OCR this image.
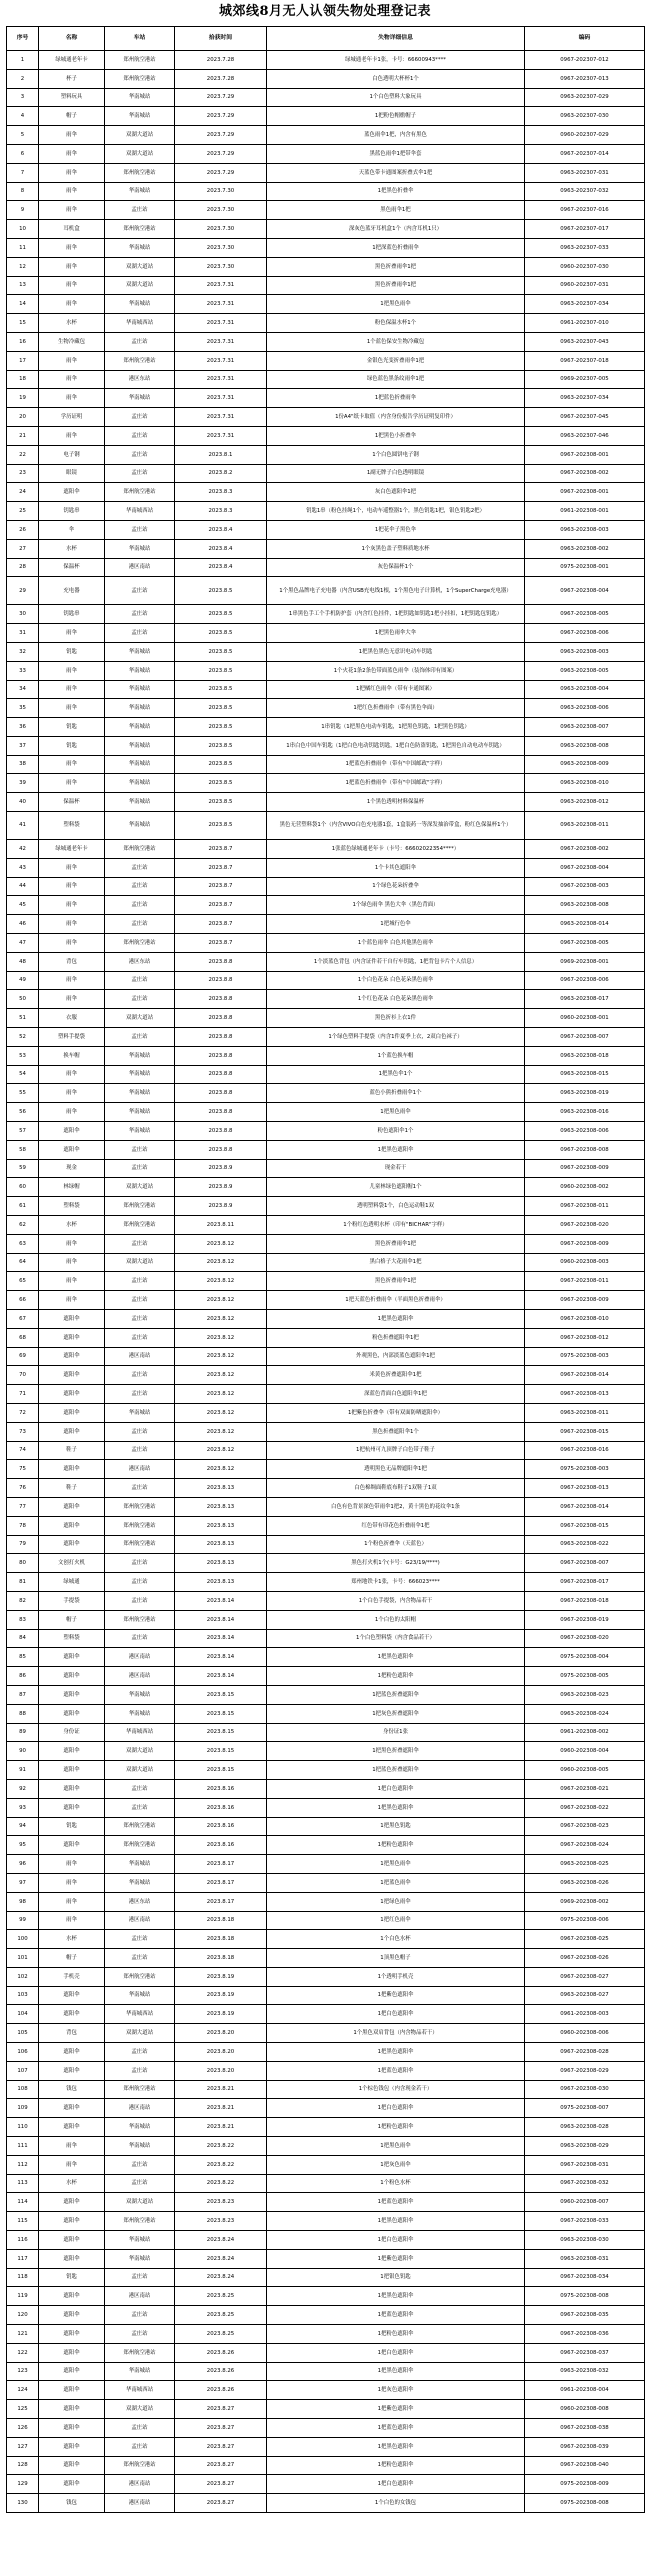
城郊线8月无人认领失物处理登记表
序号	名称	车站	拾获时间	失物详细信息	编码
1	绿城通老年卡	郑州航空港站	2023.7.28	绿城通老年卡1张，卡号：66600943****	0967-202307-012
2	杯子	郑州航空港站	2023.7.28	白色透明大杯杯1个	0967-202307-013
3	塑料玩具	华南城站	2023.7.29	1个白色塑料大象玩具	0963-202307-029
4	帽子	华南城站	2023.7.29	1把粉色帽檐帽子	0963-202307-030
5	雨伞	双湖大道站	2023.7.29	蓝色雨伞1把，内含有黑色	0960-202307-029
6	雨伞	双湖大道站	2023.7.29	黑蓝色雨伞1把带伞套	0967-202307-014
7	雨伞	郑州航空港站	2023.7.29	天蓝色带卡通图案折叠式伞1把	0963-202307-031
8	雨伞	华南城站	2023.7.30	1把黑色折叠伞	0963-202307-032
9	雨伞	孟庄站	2023.7.30	黑色雨伞1把	0967-202307-016
10	耳机盒	郑州航空港站	2023.7.30	深灰色蓝牙耳机盒1个（内含耳机1只）	0967-202307-017
11	雨伞	华南城站	2023.7.30	1把深蓝色折叠雨伞	0963-202307-033
12	雨伞	双湖大道站	2023.7.30	黑色折叠雨伞1把	0960-202307-030
13	雨伞	双湖大道站	2023.7.31	黑色折叠雨伞1把	0960-202307-031
14	雨伞	华南城站	2023.7.31	1把黑色雨伞	0963-202307-034
15	水杯	华南城西站	2023.7.31	粉色保温水杯1个	0961-202307-010
16	生物冷藏包	孟庄站	2023.7.31	1个蓝色保安生物冷藏包	0963-202307-043
17	雨伞	郑州航空港站	2023.7.31	金银色光变折叠雨伞1把	0967-202307-018
18	雨伞	港区东站	2023.7.31	绿色蓝色黑条纹雨伞1把	0969-202307-005
19	雨伞	华南城站	2023.7.31	1把蓝色折叠雨伞	0963-202307-034
20	学历证明	孟庄站	2023.7.31	1份A4"纸卡取值（内含身份报告学历证明复印件）	0967-202307-045
21	雨伞	孟庄站	2023.7.31	1把黑色小折叠伞	0963-202307-046
22	电子钢	孟庄站	2023.8.1	1个白色圆饼电子钢	0967-202308-001
23	眼镜	孟庄站	2023.8.2	1副无牌子白色透明眼镜	0967-202308-002
24	遮阳伞	郑州航空港站	2023.8.3	灰白色遮阳伞1把	0967-202308-001
25	钥匙串	华南城西站	2023.8.3	钥匙1串（粉色挂绳1个，电动车遥整器1个，黑色钥匙1把，银色钥匙2把）	0961-202308-001
26	伞	孟庄站	2023.8.4	1把花伞子黑色伞	0963-202308-003
27	水杯	华南城站	2023.8.4	1个灰黑色盖子塑料质地水杯	0963-202308-002
28	保温杯	港区南站	2023.8.4	灰色保温杯1个	0975-202308-001
29	充电器	孟庄站	2023.8.5	1个黑色品牌电子充电器（内含USB充电线1根，1个黑色电子计算机，1个SuperCharge充电器）	0967-202308-004
30	钥匙串	孟庄站	2023.8.5	1串黑色手工个手机防护套（内含红色挂件，1把钥匙如钥匙1把小挂扣，1把钥匙包钥匙）	0967-202308-005
31	雨伞	孟庄站	2023.8.5	1把黑色雨伞大伞	0967-202308-006
32	钥匙	华南城站	2023.8.5	1把黑色黑色无意识电动车钥匙	0963-202308-003
33	雨伞	华南城站	2023.8.5	1个火花1条2条色带面蓝色雨伞（装饰体印有图案）	0963-202308-005
34	雨伞	华南城站	2023.8.5	1把橘红色雨伞（带有卡通图案）	0963-202308-004
35	雨伞	华南城站	2023.8.5	1把红色折叠雨伞（带有黑色伞面）	0963-202308-006
36	钥匙	华南城站	2023.8.5	1串钥匙（1把黑色电动车钥匙，1把黑色钥匙，1把黑色钥匙）	0963-202308-007
37	钥匙	华南城站	2023.8.5	1串白色中国车钥匙（1把白色电动钥匙钥匙，1把白色防盗钥匙，1把黑色自动电动车钥匙）	0963-202308-008
38	雨伞	华南城站	2023.8.5	1把蓝色折叠雨伞（带有"中国邮政"字样）	0963-202308-009
39	雨伞	华南城站	2023.8.5	1把蓝色折叠雨伞（带有"中国邮政"字样）	0963-202308-010
40	保温杯	华南城站	2023.8.5	1个黑色透明材料保温杯	0963-202308-012
41	塑料袋	华南城站	2023.8.5	黑色无营塑料袋1个（内含VIVO白色充电器1套，1盒装药一等深发抽治带盒，粉红色保温杯1个）	0963-202308-011
42	绿城通老年卡	郑州航空港站	2023.8.7	1张蓝色绿城通老年卡（卡号：66602022354****）	0967-202308-002
43	雨伞	孟庄站	2023.8.7	1个卡其色遮阳伞	0967-202308-004
44	雨伞	孟庄站	2023.8.7	1个绿色花朵折叠伞	0967-202308-003
45	雨伞	孟庄站	2023.8.7	1个绿色雨伞 黑色大伞（黑色背面）	0963-202308-008
46	雨伞	孟庄站	2023.8.7	1把城行色伞	0963-202308-014
47	雨伞	郑州航空港站	2023.8.7	1个蓝色雨伞 白色其他黑色雨伞	0967-202308-005
48	背包	港区东站	2023.8.8	1个淡蓝色背包（内含证件若干自行车钥匙，1把背包卡片个人信息）	0969-202308-001
49	雨伞	孟庄站	2023.8.8	1个白色花朵 白色花朵黑色雨伞	0967-202308-006
50	雨伞	孟庄站	2023.8.8	1个红色花朵 白色花朵黑色雨伞	0963-202308-017
51	衣服	双湖大道站	2023.8.8	黑色折衫上衣1件	0960-202308-001
52	塑料手提袋	孟庄站	2023.8.8	1个绿色塑料手提袋（内含1件夏季上衣，2双白色袜子）	0967-202308-007
53	换车帽	华南城站	2023.8.8	1个蓝色换车帽	0963-202308-018
54	雨伞	华南城站	2023.8.8	1把黑色伞1个	0963-202308-015
55	雨伞	华南城站	2023.8.8	蓝色小熊折叠雨伞1个	0963-202308-019
56	雨伞	华南城站	2023.8.8	1把黑色雨伞	0963-202308-016
57	遮阳伞	华南城站	2023.8.8	粉色遮阳伞1个	0963-202308-006
58	遮阳伞	孟庄站	2023.8.8	1把黑色遮阳伞	0967-202308-008
59	现金	孟庄站	2023.8.9	现金若干	0967-202308-009
60	林绿帽	双湖大道站	2023.8.9	儿童林绿色遮阳帽1个	0960-202308-002
61	塑料袋	郑州航空港站	2023.8.9	透明塑料袋1个，白色运动鞋1双	0967-202308-011
62	水杯	郑州航空港站	2023.8.11	1个粉红色透明水杯（印有"BICHAR"字样）	0967-202308-020
63	雨伞	孟庄站	2023.8.12	黑色折叠雨伞1把	0967-202308-009
64	雨伞	双湖大道站	2023.8.12	黑白格子大花雨伞1把	0960-202308-003
65	雨伞	孟庄站	2023.8.12	黑色折叠雨伞1把	0967-202308-011
66	雨伞	孟庄站	2023.8.12	1把天蓝色折叠雨伞（半面黑色折叠雨伞）	0967-202308-009
67	遮阳伞	孟庄站	2023.8.12	1把黑色遮阳伞	0967-202308-010
68	遮阳伞	孟庄站	2023.8.12	粉色折叠遮阳伞1把	0967-202308-012
69	遮阳伞	港区南站	2023.8.12	外观黑色，内部淡蓝色遮阳伞1把	0975-202308-003
70	遮阳伞	孟庄站	2023.8.12	米黄色折叠遮阳伞1把	0967-202308-014
71	遮阳伞	孟庄站	2023.8.12	深蓝色背面白色遮阳伞1把	0967-202308-013
72	遮阳伞	华南城站	2023.8.12	1把紫色折叠伞（带有双面防晒遮阳伞）	0963-202308-011
73	遮阳伞	孟庄站	2023.8.12	黑色折叠遮阳伞1个	0967-202308-015
74	鞋子	孟庄站	2023.8.12	1把杭州可九顶牌子白色带子鞋子	0967-202308-016
75	遮阳伞	港区南站	2023.8.12	透明黑色无品牌遮阳伞1把	0975-202308-003
76	鞋子	孟庄站	2023.8.13	白色棉绸面鞋底布鞋子1双鞋子1双	0967-202308-013
77	遮阳伞	郑州航空港站	2023.8.13	白色有色背景深色带雨伞1把2，黄十黑色的花纹伞1条	0967-202308-014
78	遮阳伞	郑州航空港站	2023.8.13	红色带有印花色折叠雨伞1把	0967-202308-015
79	遮阳伞	郑州航空港站	2023.8.13	1个粉色折叠伞（天蓝色）	0963-202308-022
80	文创打火机	孟庄站	2023.8.13	黑色打火机1个(卡号：G23/19/****)	0967-202308-007
81	绿城通	孟庄站	2023.8.13	郑州地铁卡1张，卡号：666023****	0967-202308-017
82	手提袋	孟庄站	2023.8.14	1个白色手提袋，内含物品若干	0967-202308-018
83	帽子	郑州航空港站	2023.8.14	1个白色的太阳帽	0967-202308-019
84	塑料袋	孟庄站	2023.8.14	1个白色塑料袋（内含食品若干）	0967-202308-020
85	遮阳伞	港区南站	2023.8.14	1把黑色遮阳伞	0975-202308-004
86	遮阳伞	港区南站	2023.8.14	1把粉色遮阳伞	0975-202308-005
87	遮阳伞	华南城站	2023.8.15	1把蓝色折叠遮阳伞	0963-202308-023
88	遮阳伞	华南城站	2023.8.15	1把灰色折叠遮阳伞	0963-202308-024
89	身份证	华南城西站	2023.8.15	身份证1张	0961-202308-002
90	遮阳伞	双湖大道站	2023.8.15	1把黑色折叠遮阳伞	0960-202308-004
91	遮阳伞	双湖大道站	2023.8.15	1把蓝色折叠遮阳伞	0960-202308-005
92	遮阳伞	孟庄站	2023.8.16	1把白色遮阳伞	0967-202308-021
93	遮阳伞	孟庄站	2023.8.16	1把黑色遮阳伞	0967-202308-022
94	钥匙	郑州航空港站	2023.8.16	1把黑色钥匙	0967-202308-023
95	遮阳伞	郑州航空港站	2023.8.16	1把粉色遮阳伞	0967-202308-024
96	雨伞	华南城站	2023.8.17	1把黑色雨伞	0963-202308-025
97	雨伞	华南城站	2023.8.17	1把蓝色雨伞	0963-202308-026
98	雨伞	港区东站	2023.8.17	1把绿色雨伞	0969-202308-002
99	雨伞	港区南站	2023.8.18	1把红色雨伞	0975-202308-006
100	水杯	孟庄站	2023.8.18	1个白色水杯	0967-202308-025
101	帽子	孟庄站	2023.8.18	1顶黑色帽子	0967-202308-026
102	手机壳	郑州航空港站	2023.8.19	1个透明手机壳	0967-202308-027
103	遮阳伞	华南城站	2023.8.19	1把紫色遮阳伞	0963-202308-027
104	遮阳伞	华南城西站	2023.8.19	1把白色遮阳伞	0961-202308-003
105	背包	双湖大道站	2023.8.20	1个黑色双肩背包（内含物品若干）	0960-202308-006
106	遮阳伞	孟庄站	2023.8.20	1把黑色遮阳伞	0967-202308-028
107	遮阳伞	孟庄站	2023.8.20	1把蓝色遮阳伞	0967-202308-029
108	钱包	郑州航空港站	2023.8.21	1个棕色钱包（内含现金若干）	0967-202308-030
109	遮阳伞	港区南站	2023.8.21	1把白色遮阳伞	0975-202308-007
110	遮阳伞	华南城站	2023.8.21	1把粉色遮阳伞	0963-202308-028
111	雨伞	华南城站	2023.8.22	1把黑色雨伞	0963-202308-029
112	雨伞	孟庄站	2023.8.22	1把灰色雨伞	0967-202308-031
113	水杯	孟庄站	2023.8.22	1个粉色水杯	0967-202308-032
114	遮阳伞	双湖大道站	2023.8.23	1把蓝色遮阳伞	0960-202308-007
115	遮阳伞	郑州航空港站	2023.8.23	1把黑色遮阳伞	0967-202308-033
116	遮阳伞	华南城站	2023.8.24	1把白色遮阳伞	0963-202308-030
117	遮阳伞	华南城站	2023.8.24	1把紫色遮阳伞	0963-202308-031
118	钥匙	孟庄站	2023.8.24	1把银色钥匙	0967-202308-034
119	遮阳伞	港区南站	2023.8.25	1把黑色遮阳伞	0975-202308-008
120	遮阳伞	孟庄站	2023.8.25	1把蓝色遮阳伞	0967-202308-035
121	遮阳伞	孟庄站	2023.8.25	1把粉色遮阳伞	0967-202308-036
122	遮阳伞	郑州航空港站	2023.8.26	1把白色遮阳伞	0967-202308-037
123	遮阳伞	华南城站	2023.8.26	1把黑色遮阳伞	0963-202308-032
124	遮阳伞	华南城西站	2023.8.26	1把灰色遮阳伞	0961-202308-004
125	遮阳伞	双湖大道站	2023.8.27	1把紫色遮阳伞	0960-202308-008
126	遮阳伞	孟庄站	2023.8.27	1把蓝色遮阳伞	0967-202308-038
127	遮阳伞	孟庄站	2023.8.27	1把黑色遮阳伞	0967-202308-039
128	遮阳伞	郑州航空港站	2023.8.27	1把粉色遮阳伞	0967-202308-040
129	遮阳伞	港区南站	2023.8.27	1把白色遮阳伞	0975-202308-009
130	钱包	港区南站	2023.8.27	1个白色的女钱包	0975-202308-008
